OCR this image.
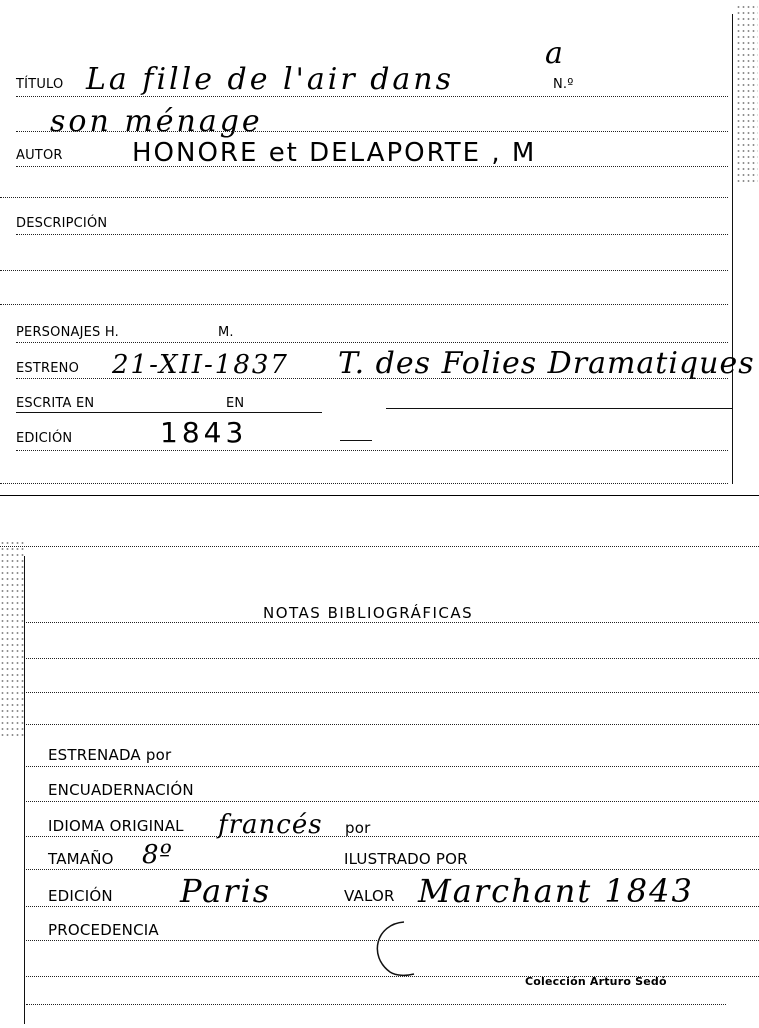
TÍTULO La fille de l'air dans
a
N.º
son ménage
AUTOR	HONORE et DELAPORTE , M
DESCRIPCIÓN
PERSONAJES H.	M.
ESTRENO 21-XII-1837 T. des Folies Dramatiques
ESCRITA EN	EN
EDICIÓN	1843
NOTAS BIBLIOGRÁFICAS
ESTRENADA por
ENCUADERNACIÓN
IDIOMA ORIGINAL francés por
TAMAÑO 8º	ILUSTRADO POR
EDICIÓN Paris	VALOR Marchant 1843
PROCEDENCIA
Colección Arturo Sedó
